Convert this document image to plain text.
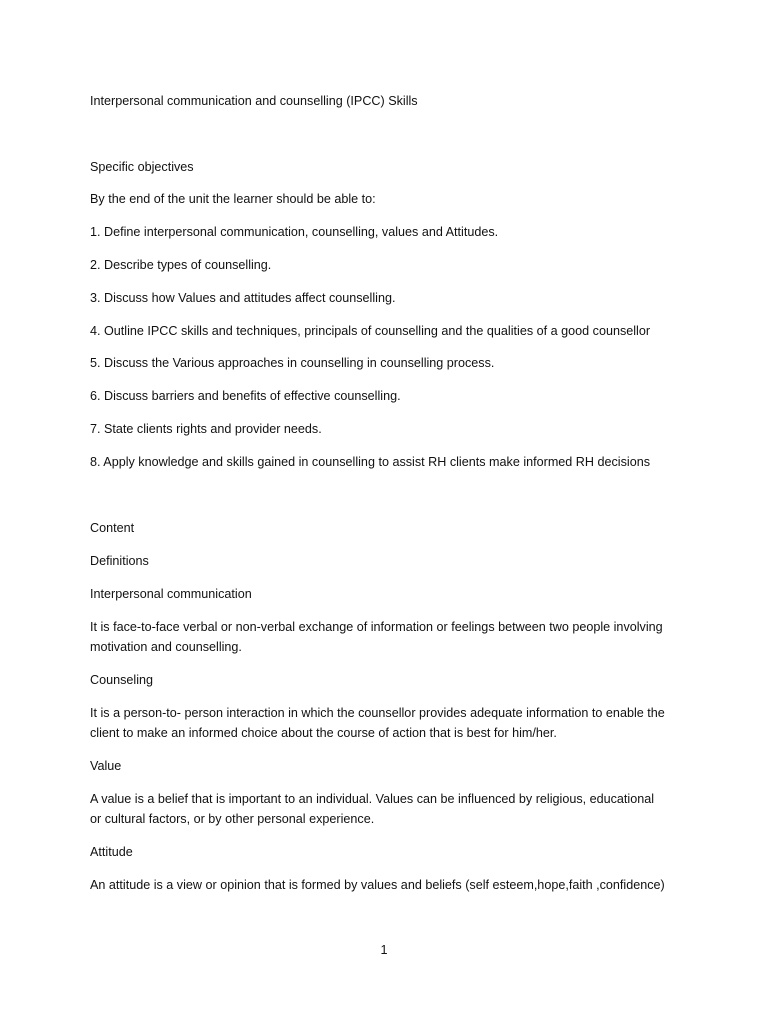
Interpersonal communication and counselling (IPCC) Skills

Specific objectives

By the end of the unit the learner should be able to:

1. Define interpersonal communication, counselling, values and Attitudes.

2. Describe types of counselling.

3. Discuss how Values and attitudes affect counselling.

4. Outline IPCC skills and techniques, principals of counselling and the qualities of a good counsellor

5. Discuss the Various approaches in counselling in counselling process.

6. Discuss barriers and benefits of effective counselling.

7. State clients rights and provider needs.

8. Apply knowledge and skills gained in counselling to assist RH clients make informed RH decisions

Content

Definitions

Interpersonal communication

It is face-to-face verbal or non-verbal exchange of information or feelings between two people involving
motivation and counselling.

Counseling

It is a person-to- person interaction in which the counsellor provides adequate information to enable the
client to make an informed choice about the course of action that is best for him/her.

Value

A value is a belief that is important to an individual. Values can be influenced by religious, educational
or cultural factors, or by other personal experience.

Attitude

An attitude is a view or opinion that is formed by values and beliefs (self esteem,hope,faith ,confidence)

1
